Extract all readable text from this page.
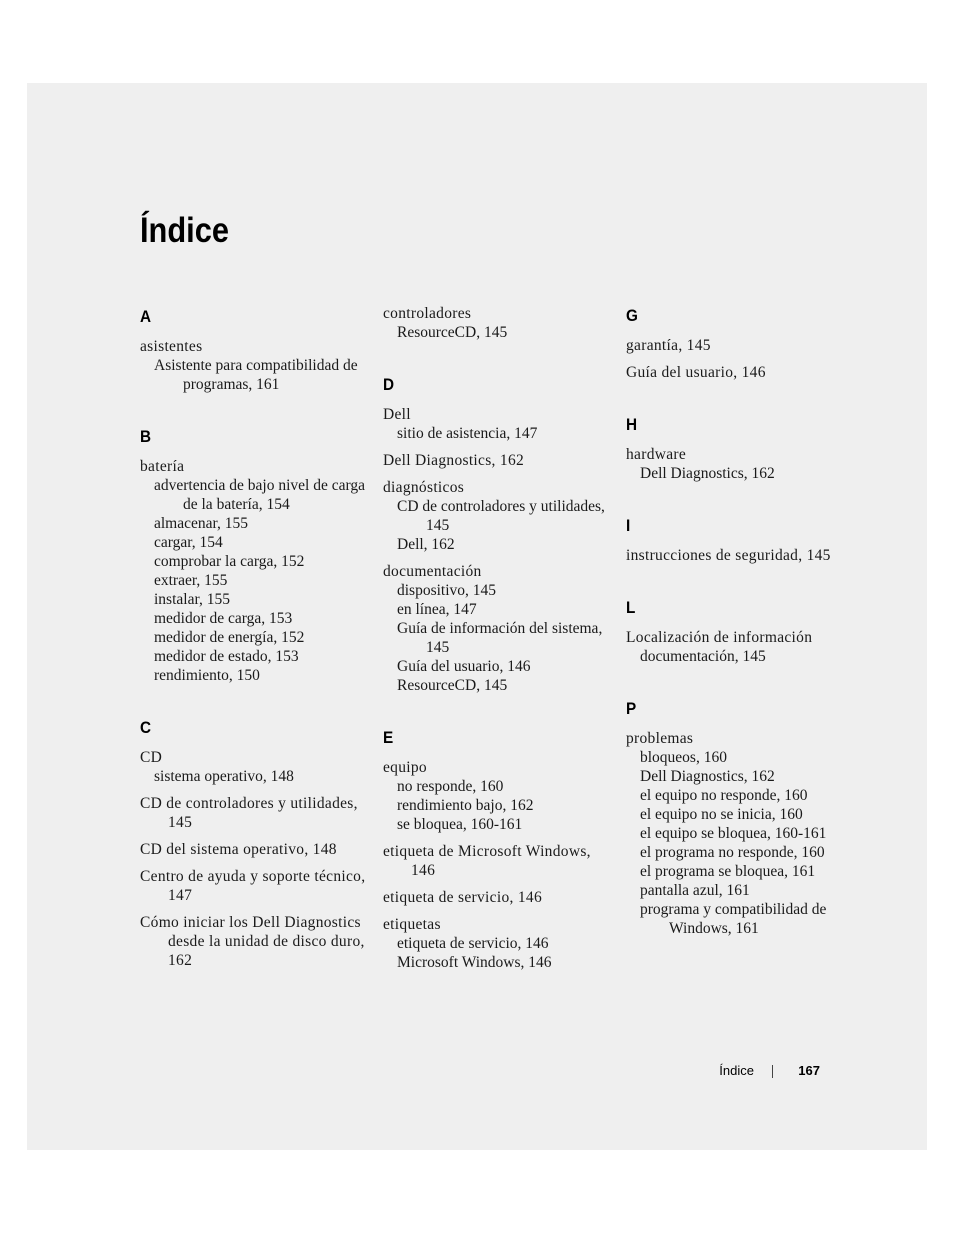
Índice
A
asistentes
Asistente para compatibilidad de programas, 161
B
batería
advertencia de bajo nivel de carga de la batería, 154
almacenar, 155
cargar, 154
comprobar la carga, 152
extraer, 155
instalar, 155
medidor de carga, 153
medidor de energía, 152
medidor de estado, 153
rendimiento, 150
C
CD
sistema operativo, 148
CD de controladores y utilidades, 145
CD del sistema operativo, 148
Centro de ayuda y soporte técnico, 147
Cómo iniciar los Dell Diagnostics desde la unidad de disco duro, 162
controladores
ResourceCD, 145
D
Dell
sitio de asistencia, 147
Dell Diagnostics, 162
diagnósticos
CD de controladores y utilidades, 145
Dell, 162
documentación
dispositivo, 145
en línea, 147
Guía de información del sistema, 145
Guía del usuario, 146
ResourceCD, 145
E
equipo
no responde, 160
rendimiento bajo, 162
se bloquea, 160-161
etiqueta de Microsoft Windows, 146
etiqueta de servicio, 146
etiquetas
etiqueta de servicio, 146
Microsoft Windows, 146
G
garantía, 145
Guía del usuario, 146
H
hardware
Dell Diagnostics, 162
I
instrucciones de seguridad, 145
L
Localización de información
documentación, 145
P
problemas
bloqueos, 160
Dell Diagnostics, 162
el equipo no responde, 160
el equipo no se inicia, 160
el equipo se bloquea, 160-161
el programa no responde, 160
el programa se bloquea, 161
pantalla azul, 161
programa y compatibilidad de Windows, 161
Índice	167
